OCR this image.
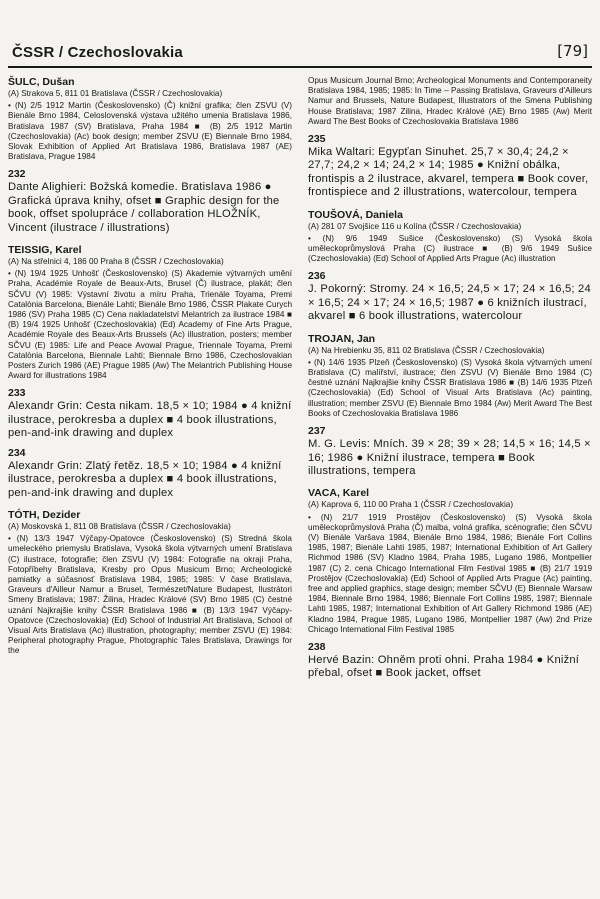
ČSSR / Czechoslovakia	[79]

ŠULC, Dušan

(A) Strakova 5, 811 01 Bratislava (ČSSR / Czechoslovakia)

• (N) 2/5 1912 Martin (Československo) (Č) knižní grafika; člen ZSVU (V) Bienále Brno 1984, Celoslovenská výstava užitého umenia Bratislava 1986, Bratislava 1987 (SV) Bratislava, Praha 1984 ■ (B) 2/5 1912 Martin (Czechoslovakia) (Ac) book design; member ZSVU (E) Biennale Brno 1984, Slovak Exhibition of Applied Art Bratislava 1986, Bratislava 1987 (AE) Bratislava, Prague 1984

232

Dante Alighieri: Božská komedie. Bratislava 1986 ● Grafická úprava knihy, ofset ■ Graphic design for the book, offset spolupráce / collaboration HLOŽNÍK, Vincent (ilustrace / illustrations)

TEISSIG, Karel

(A) Na střelnici 4, 186 00 Praha 8 (ČSSR / Czechoslovakia)

• (N) 19/4 1925 Unhošť (Československo) (S) Akademie výtvarných umění Praha, Académie Royale de Beaux-Arts, Brusel (Č) ilustrace, plakát; člen SČVU (V) 1985: Výstavní životu a míru Praha, Trienále Toyama, Premi Catalònia Barcelona, Bienále Lahti; Bienále Brno 1986, ČSSR Plakate Curych 1986 (SV) Praha 1985 (C) Cena nakladatelství Melantrich za ilustrace 1984 ■ (B) 19/4 1925 Unhošť (Czechoslovakia) (Ed) Academy of Fine Arts Prague, Académie Royale des Beaux-Arts Brussels (Ac) illustration, posters; member SČVU (E) 1985: Life and Peace Avowal Prague, Triennale Toyama, Premi Catalònia Barcelona, Biennale Lahti; Biennale Brno 1986, Czechoslovakian Posters Zurich 1986 (AE) Prague 1985 (Aw) The Melantrich Publishing House Award for illustrations 1984

233

Alexandr Grin: Cesta nikam. 18,5 × 10; 1984 ● 4 knižní ilustrace, perokresba a duplex ■ 4 book illustrations, pen-and-ink drawing and duplex

234

Alexandr Grin: Zlatý řetěz. 18,5 × 10; 1984 ● 4 knižní ilustrace, perokresba a duplex ■ 4 book illustrations, pen-and-ink drawing and duplex

TÓTH, Dezider

(A) Moskovská 1, 811 08 Bratislava (ČSSR / Czechoslovakia)

• (N) 13/3 1947 Výčapy-Opatovce (Československo) (S) Stredná škola umeleckého priemyslu Bratislava, Vysoká škola výtvarných umení Bratislava (C) ilustrace, fotografie; člen ZSVU (V) 1984: Fotografie na okraji Praha, Fotopříbehy Bratislava, Kresby pro Opus Musicum Brno; Archeologické pamiatky a súčasnosť Bratislava 1984, 1985; 1985: V čase Bratislava, Graveurs d'Ailleur Namur a Brusel, Természet/Nature Budapest, Ilustrátori Smeny Bratislava; 1987: Žilina, Hradec Králové (SV) Brno 1985 (C) čestné uznání Najkrajšie knihy ČSSR Bratislava 1986 ■ (B) 13/3 1947 Výčapy-Opatovce (Czechoslovakia) (Ed) School of Industrial Art Bratislava, School of Visual Arts Bratislava (Ac) illustration, photography; member ZSVU (E) 1984: Peripheral photography Prague, Photographic Tales Bratislava, Drawings for the

Opus Musicum Journal Brno; Archeological Monuments and Contemporaneity Bratislava 1984, 1985; 1985: In Time – Passing Bratislava, Graveurs d'Ailleurs Namur and Brussels, Nature Budapest, Illustrators of the Smena Publishing House Bratislava; 1987 Zilina, Hradec Králové (AE) Brno 1985 (Aw) Merit Award The Best Books of Czechoslovakia Bratislava 1986

235

Mika Waltari: Egypťan Sinuhet. 25,7 × 30,4; 24,2 × 27,7; 24,2 × 14; 24,2 × 14; 1985 ● Knižní obálka, frontispis a 2 ilustrace, akvarel, tempera ■ Book cover, frontispiece and 2 illustrations, watercolour, tempera

TOUŠOVÁ, Daniela

(A) 281 07 Svojšice 116 u Kolína (ČSSR / Czechoslovakia)

• (N) 9/6 1949 Sušice (Československo) (S) Vysoká škola uměleckoprůmyslová Praha (C) ilustrace ■ (B) 9/6 1949 Sušice (Czechoslovakia) (Ed) School of Applied Arts Prague (Ac) illustration

236

J. Pokorný: Stromy. 24 × 16,5; 24,5 × 17; 24 × 16,5; 24 × 16,5; 24 × 17; 24 × 16,5; 1987 ● 6 knižních ilustrací, akvarel ■ 6 book illustrations, watercolour

TROJAN, Jan

(A) Na Hrebienku 35, 811 02 Bratislava (ČSSR / Czechoslovakia)

• (N) 14/6 1935 Plzeň (Československo) (S) Vysoká škola výtvarných umení Bratislava (C) malířství, ilustrace; člen ZSVU (V) Bienále Brno 1984 (C) čestné uznání Najkrajšie knihy ČSSR Bratislava 1986 ■ (B) 14/6 1935 Plzeň (Czechoslovakia) (Ed) School of Visual Arts Bratislava (Ac) painting, illustration; member ZSVU (E) Biennale Brno 1984 (Aw) Merit Award The Best Books of Czechoslovakia Bratislava 1986

237

M. G. Levis: Mních. 39 × 28; 39 × 28; 14,5 × 16; 14,5 × 16; 1986 ● Knižní ilustrace, tempera ■ Book illustrations, tempera

VACA, Karel

(A) Kaprova 6, 110 00 Praha 1 (ČSSR / Czechoslovakia)

• (N) 21/7 1919 Prostějov (Československo) (S) Vysoká škola uměleckoprůmyslová Praha (Č) malba, volná grafika, scénografie; člen SČVU (V) Bienále Varšava 1984, Bienále Brno 1984, 1986; Bienále Fort Collins 1985, 1987; Bienále Lahti 1985, 1987; International Exhibition of Art Gallery Richmod 1986 (SV) Kladno 1984, Praha 1985, Lugano 1986, Montpellier 1987 (C) 2. cena Chicago International Film Festival 1985 ■ (B) 21/7 1919 Prostějov (Czechoslovakia) (Ed) School of Applied Arts Prague (Ac) painting, free and applied graphics, stage design; member SČVU (E) Biennale Warsaw 1984, Biennale Brno 1984, 1986; Biennale Fort Collins 1985, 1987; Biennale Lahti 1985, 1987; International Exhibition of Art Gallery Richmond 1986 (AE) Kladno 1984, Prague 1985, Lugano 1986, Montpellier 1987 (Aw) 2nd Prize Chicago International Film Festival 1985

238

Hervé Bazin: Ohněm proti ohni. Praha 1984 ● Knižní přebal, ofset ■ Book jacket, offset
